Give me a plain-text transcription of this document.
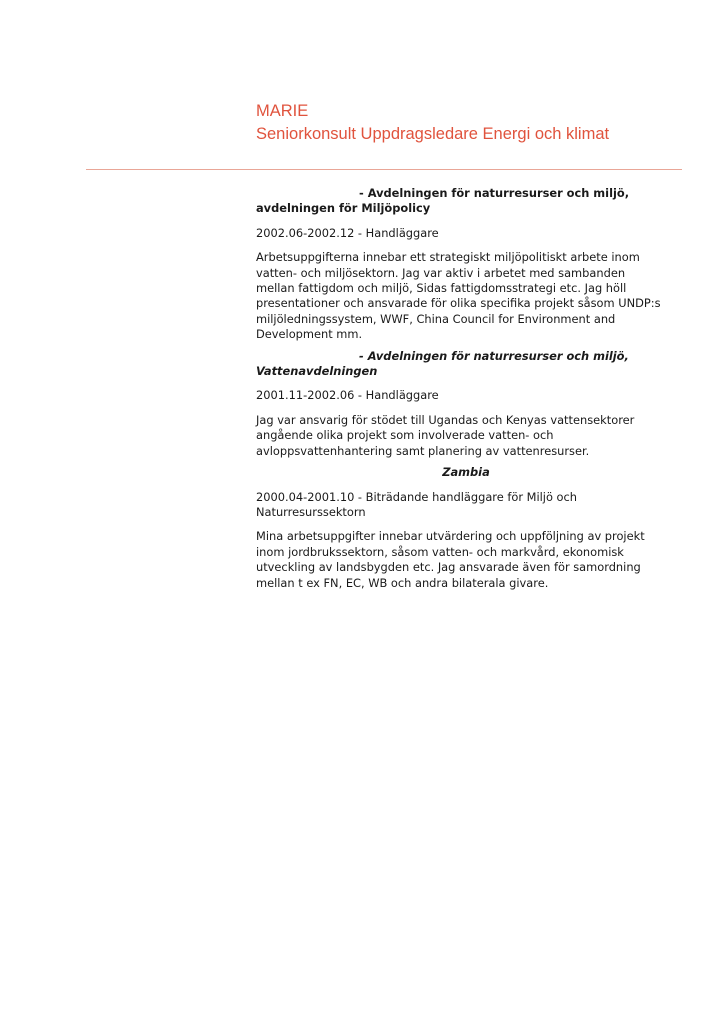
MARIE

Seniorkonsult Uppdragsledare Energi och klimat

- Avdelningen för naturresurser och miljö,
avdelningen för Miljöpolicy

2002.06-2002.12 - Handläggare

Arbetsuppgifterna innebar ett strategiskt miljöpolitiskt arbete inom
vatten- och miljösektorn. Jag var aktiv i arbetet med sambanden
mellan fattigdom och miljö, Sidas fattigdomsstrategi etc. Jag höll
presentationer och ansvarade för olika specifika projekt såsom UNDP:s
miljöledningssystem, WWF, China Council for Environment and
Development mm.

- Avdelningen för naturresurser och miljö,
Vattenavdelningen

2001.11-2002.06 - Handläggare

Jag var ansvarig för stödet till Ugandas och Kenyas vattensektorer
angående olika projekt som involverade vatten- och
avloppsvattenhantering samt planering av vattenresurser.

Zambia

2000.04-2001.10 - Biträdande handläggare för Miljö och
Naturresurssektorn

Mina arbetsuppgifter innebar utvärdering och uppföljning av projekt
inom jordbrukssektorn, såsom vatten- och markvård, ekonomisk
utveckling av landsbygden etc. Jag ansvarade även för samordning
mellan t ex FN, EC, WB och andra bilaterala givare.
